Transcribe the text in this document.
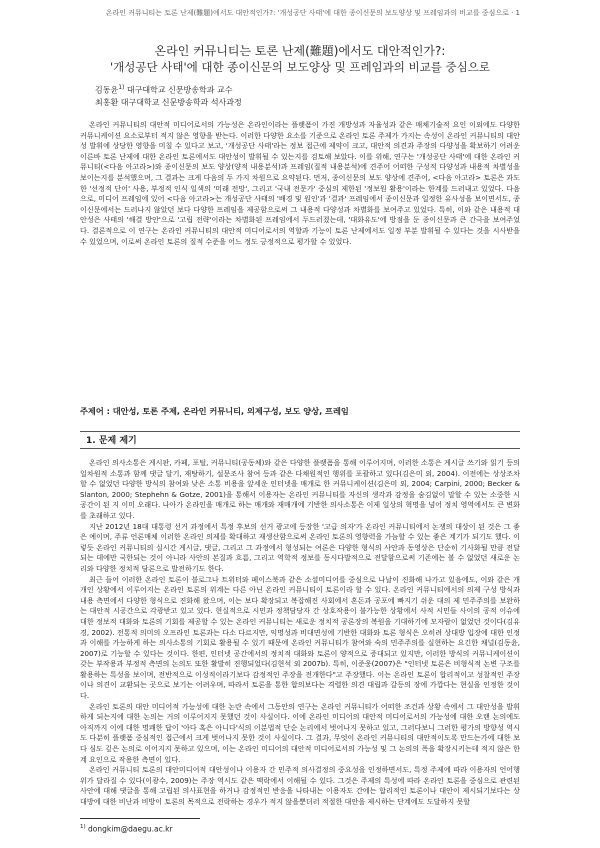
온라인 커뮤니티는 토론 난제(難題)에서도 대안적인가?: '개성공단 사태'에 대한 종이신문의 보도양상 및 프레임과의 비교를 중심으로 · 1
온라인 커뮤니티는 토론 난제(難題)에서도 대안적인가?:
'개성공단 사태'에 대한 종이신문의 보도양상 및 프레임과의 비교를 중심으로
김동윤$^{1)}$ 대구대학교 신문방송학과 교수
최홍환 대구대학교 신문방송학과 석사과정

온라인 커뮤니티의 대안적 미디어로서의 가능성은 온라인이라는 플랫폼이 가진 개방성과 자율성과 같은 매체기술적 요인 이외에도 다양한 커뮤니케이션 요소로부터 적지 않은 영향을 받는다. 이러한 다양한 요소를 기준으로 온라인 토론 주제가 가지는 속성이 온라인 커뮤니티의 대안성 발휘에 상당한 영향을 미칠 수 있다고 보고, '개성공단 사태'라는 정보 접근에 제약이 크고, 대안적 의견과 주장의 다양성을 확보하기 어려운 이른바 토론 난제에 대한 온라인 토론에서도 대안성이 발휘될 수 있는지를 검토해 보았다. 이를 위해, 연구는 '개성공단 사태'에 대한 온라인 커뮤니티(<다음 아고라>)와 종이신문의 보도 양상(양적 내용분석)과 프레임(질적 내용분석)에 견주어 어떠한 구성적 다양성과 내용적 차별성을 보이는지를 분석했으며, 그 결과는 크게 다음의 두 가지 차원으로 요약된다. 먼저, 종이신문의 보도 양상에 견주어, <다음 아고라> 토론은 과도한 '선정적 단어' 사용, 부정적 인식 일색의 '미래 전망', 그리고 '국내 전문가' 중심의 제한된 '정보원 활용'이라는 한계를 드러내고 있었다. 다음으로, 미디어 프레임에 있어 <다음 아고라>는 개성공단 사태의 '배경 및 원인'과 '결과' 프레임에서 종이신문과 일정한 유사성을 보이면서도, 종이신문에서는 드러나지 않았던 보다 다양한 프레임을 제공함으로써 그 내용적 다양성과 차별화를 보여주고 있었다. 특히, 이와 같은 내용적 대안성은 사태의 '해결 방안'으로 '고립 전략'이라는 차별화된 프레임에서 두드러졌는데, '대화유도'에 방점을 둔 종이신문과 큰 간극을 보여주었다. 결론적으로 이 연구는 온라인 커뮤니티의 대안적 미디어로서의 역할과 기능이 토론 난제에서도 일정 부분 발휘될 수 있다는 것을 시사받을 수 있었으며, 이로써 온라인 토론의 질적 수준을 어느 정도 긍정적으로 평가할 수 있었다.

주제어 : 대안성, 토론 주제, 온라인 커뮤니티, 의제구성, 보도 양상, 프레임
1. 문제 제기

온라인 의사소통은 게시판, 카페, 포털, 커뮤니티(공동체)와 같은 다양한 플랫폼을 통해 이루어지며, 이러한 소통은 게시글 쓰기와 읽기 등의 일차원적 소통과 함께 댓글 달기, 재탕하기, 설문조사 참여 등과 같은 다채원적인 행위를 포괄하고 있다(김은미 외, 2004). 이전에는 상상조차 할 수 없었던 다양한 방식의 참여와 낮은 소통 비용을 앞세운 인터넷을 매개로 한 커뮤니케이션(김은미 외, 2004; Carpini, 2000; Becker & Slanton, 2000; Stephehn & Gotze, 2001)을 통해서 이용자는 온라인 커뮤니티를 자신의 생각과 감정을 숨김없이 말할 수 있는 소중한 시공간이 된 지 이미 오래다. 나아가 온라인을 매개로 하는 매개와 재매개에 기반한 의사소통은 이제 일상의 혁명을 넘어 정치 영역에서도 큰 변화를 초래하고 있다.

지난 2012년 18대 대통령 선거 과정에서 특정 후보의 선거 광고에 등장한 '고급 의자'가 온라인 커뮤니티에서 논쟁의 대상이 된 것은 그 좋은 예이며, 주류 언론매체 이러한 온라인 의제를 확대하고 재생산함으로써 온라인 토론의 영향력을 가늠할 수 있는 좋은 계기가 되기도 했다. 이렇듯 온라인 커뮤니티의 실시간 게시글, 댓글, 그리고 그 과정에서 형성되는 여론은 다양한 형식의 사안과 동영상은 단순히 기사화될 만큼 전달되는 데에만 국한되는 것이 아니라 사안의 본질과 흐름, 그리고 역학적 정보를 동시다발적으로 전달함으로써 기존에는 볼 수 없었던 새로운 논리와 다양한 정치적 담론으로 발전하기도 한다.

최근 들어 이러한 온라인 토론이 블로그나 트위터와 페이스북과 같은 소셜미디어를 중심으로 나날이 진화해 나가고 있음에도, 이와 같은 개개인 상황에서 이루어지는 온라인 토론의 위계는 다른 아닌 온라인 커뮤니티이 토론이라 할 수 있다. 온라인 커뮤니티에서의 의제 구성 방식과 내용 측면에서 다양한 형식으로 진화해 왔으며, 이는 보다 확장되고 복잡해진 사회에서 혼돈과 공포에 빠지기 쉬운 대의 제 민주주의를 보완하는 대안적 시공간으로 각광받고 있고 있다. 현실적으로 시민과 정책담당자 간 상호작용이 불가능한 상황에서 사적 시민들 사이의 공적 이슈에 대한 정보적 대화와 토론의 기회를 제공할 수 있는 온라인 커뮤니티는 새로운 정치적 공론장의 복원을 기대하기에 모자람이 없었던 것이다(김유경, 2002). 전통적 의미의 오프라인 토론과는 다소 다르지만, 익명성과 비대면성에 기반한 대화와 토론 형식은 오히려 상대방 입장에 대한 인정과 이해를 가능하게 하는 의사소통의 기회로 활용될 수 있기 때문에 온라인 커뮤니티가 참여와 숙의 민주주의를 실현하는 요긴한 채널(김동윤, 2007)로 기능할 수 있다는 것이다. 한편, 인터넷 공간에서의 정치적 대화와 토론이 양적으로 증대되고 있지만, 이러한 방식의 커뮤니케이션이 갖는 부작용과 부정적 측면의 논의도 또한 활발히 진행되었다(김현석 외 2007b). 특히, 이준웅(2007)은 "인터넷 토론은 비형식적 논변 구조를 활용하는 특성을 보이며, 전반적으로 이성적이라기보다 감정적인 주장을 전개한다"고 주장했다. 이는 온라인 토론이 합리적이고 성찰적인 주장이나 의견이 교환되는 곳으로 보기는 어려우며, 따라서 토론을 통한 합의보다는 격렬한 의견 대립과 갈등의 장에 가깝다는 현실을 인정한 것이다.

온라인 토론의 대안 미디어적 가능성에 대한 논란 속에서 그동안의 연구는 온라인 커뮤니티가 어떠한 조건과 상황 속에서 그 대안성을 발휘하게 되는지에 대한 논의는 거의 이루어지지 못했던 것이 사실이다. 이에 온라인 미디어의 대안적 미디어로서의 가능성에 대한 오랜 논의에도 아직까지 이에 대한 명쾌한 답이 '아다 혹은 아니다'식의 이분법적 단순 논리에서 벗어나지 못하고 있고, 그러다보니 그러한 평가의 방향성 역시도 다분히 플랫폼 중심적인 접근에서 크게 벗어나지 못한 것이 사실이다. 그 결과, 무엇이 온라인 커뮤니티의 대안적이도록 만드는가에 대한 보다 심도 깊은 논의로 이어지지 못하고 있으며, 이는 온라인 미디어의 대안적 미디어로서의 가능성 및 그 논의의 폭을 확장시키는데 적지 않은 한계 요인으로 작용한 측면이 있다.

온라인 커뮤니티 토론의 대안미디어적 대안성이나 이용자 간 민주적 의사결정의 중요성을 인정하면서도, 특정 주제에 따라 이용자의 언어행위가 달라질 수 있다(이광수, 2009)는 주장 역시도 같은 맥락에서 이해될 수 있다. 그것은 주제의 특성에 따라 온라인 토론을 중심으로 관련된 사안에 대해 댓글을 통해 고립된 의사표현을 하거나 감정적인 반응을 나타내는 이용자도 간에는 합리적인 토론이나 대안이 제시되기보다는 상대방에 대한 비난과 비방이 토론의 목적으로 전락하는 경우가 적지 않을뿐더러 적절한 대안을 제시하는 단계에도 도달하지 못할

$^{1)}$ dongkim@daegu.ac.kr
